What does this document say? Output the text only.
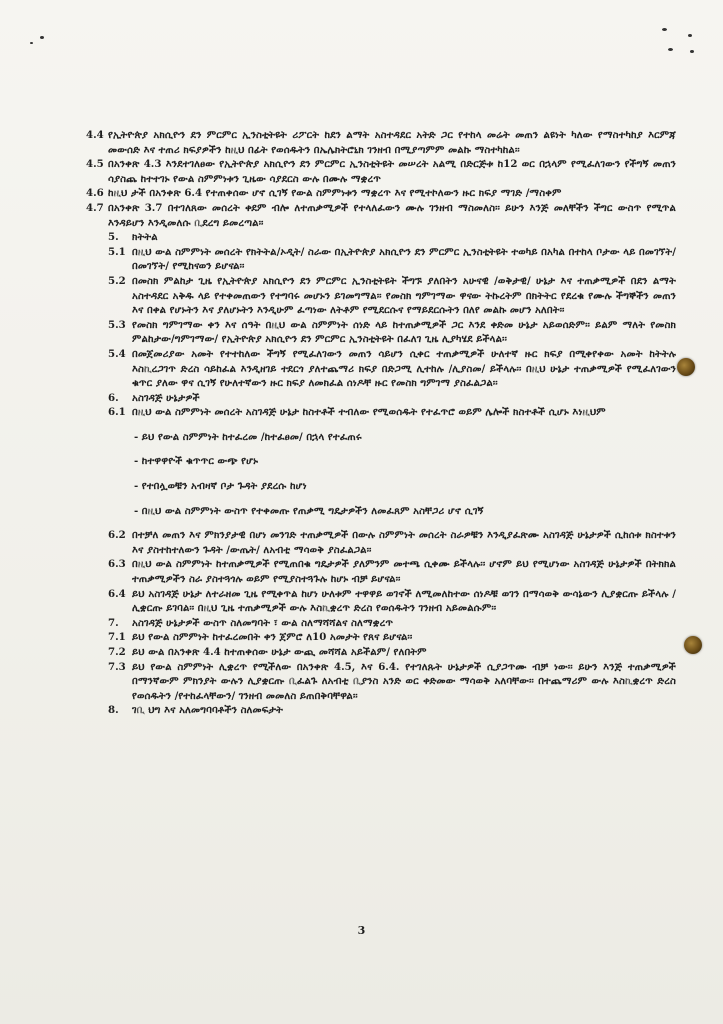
4.4 የኢትዮጵያ አክሲዮን ደን ምርምር ኢንስቲትዩት ሪፖርት ከደን ልማት አስተዳደር አትድ ጋር የተከላ መሬት መጠን ልዩነት ካለው የማስተካከያ እርምጃ መውሰድ እና ተጠሪ ክፍያዎችን ከዚህ በፊት የወሰዱትን በኤሌክትሮኒክ ገንዘብ በሚያጣምም መልኩ ማስተካከል፡፡
4.5 በአንቀጽ 4.3 እንደተገለፀው የኢትዮጵያ አክሲዮን ደን ምርምር ኢንስቲትዩት መሠረት አልሚ በድርጅቱ ከ12 ወር በኋላም የሚፈለገውን የችግኝ መጠን ሳያስጨ ከተተገኑ የውል ስምምነቱን ጊዜው ሳያደርስ ውሉ በሙሉ ማቋረጥ
4.6 ከዚህ ታች በአንቀጽ 6.4 የተጠቀሰው ሆኖ ሲገኝ የውል ስምምነቱን ማቋረጥ እና የሚተኮለውን ዙር ክፍያ ማገድ /ማስቀም
4.7 በአንቀጽ 3.7 በተገለጸው መሰረት ቀደም ብሎ ለተጠቃሚዎች የተላለፈውን ሙሉ ገንዘብ ማስመለስ፡፡ ይሁን እንጅ መለቸችን ችግር ውስጥ የሚጥል እንዳይሆን እንዲመለሱ ቢደረግ ይመረጣል፡፡
5. ክትትል
5.1 በዚህ ውል ስምምነት መሰረት የክትትል/ኦዲት/ ስራው በኢትዮጵያ አክሲዮን ደን ምርምር ኢንስቲትዩት ተወካይ በአካል በተከላ ቦታው ላይ በመገኘት/በመገኘት/ የሚከናወን ይሆናል፡፡
5.2 በመስክ ምልከታ ጊዜ የኢትዮጵያ አክሲዮን ደን ምርምር ኢንስቲትዩት ችግኙ ያለበትን አሁናዊ /ወቅታዊ/ ሁኔታ እና ተጠቃሚዎች በደን ልማት አስተዳደር አቅዱ ላይ የተቀመጠውን የተግባሩ መሆኑን ይገመግማል፡፡ የመስክ ግምገማው ዋናው ትኩረትም በክትትር የደረቁ የሙሉ ችግኞችን መጠን እና በቀል የሆኑትን እና ያለሆኑትን እንዲሁም ፈጣነው ለትቶም የሚደርሱና የማይደርሱትን በለየ መልኩ መሆን አለበት፡፡
5.3 የመስክ ግምገማው ቀን እና ሰዓት በዚህ ውል ስምምነት ሰነድ ላይ ከተጠቃሚዎች ጋር እንደ ቀድመ ሁኔታ አይወሰድም፡፡ ይልም ማለት የመስክ ምልከታው/ግምገማው/ የኢትዮጵያ አክሲዮን ደን ምርምር ኢንስቲትዩት በፈለገ ጊዜ ሊያካሄደ ይችላል፡፡
5.4 በመጀመሪያው አመት የተተከለው ችግኝ የሚፈለገውን መጠን ሳይሆን ሲቀር ተጠቃሚዎች ሁለተኛ ዙር ክፍያ በሚቀየቀው አመት ከትትሉ እስኪረጋገጥ ድረስ ሳይከፈል እንዲዘገይ ተደርጎ ያለተጨማሪ ክፍያ በድጋሚ ሊተከሉ /ሊያስመ/ ይችላሉ፡፡ በዚህ ሁኔታ ተጠቃሚዎች የሚፈለገውን ቁጥር ያለው ዋና ሲገኝ የሁለተኛውን ዙር ክፍያ ለመክፈል ሰነዶቸ ዙር የመስክ ግምገማ ያስፈልጋል፡፡
6. አስገዳጅ ሁኔታዎች
6.1 በዚህ ውል ስምምነት መሰረት አስገዳጅ ሁኔታ ከስተቶች ተብለው የሚወሰዱት የተፈጥሮ ወይም ሌሎች ክስተቶች ሲሆኑ እነዚህም
- ይህ የውል ስምምነት ከተፈረመ /ከተፈፀመ/ በኋላ የተፈጠሩ
- ከተዋዋዮች ቁጥጥር ውጭ የሆኑ
- የተበሏወቹን አብዛኛ ቦታ ጉዳት ያደረሱ ከሆነ
- በዚህ ውል ስምምነት ውስጥ የተቀመጡ የጠቃሚ ግዴታዎችን ለመፈጸም አስቸጋሪ ሆኖ ሲገኝ
6.2 በተቻለ መጠን እና ምክንያታዊ በሆነ መንገድ ተጠቃሚዎች በውሉ ስምምነት መሰረት ስራዎቹን እንዲያፈጽሙ አስገዳጅ ሁኔታዎች ሲከሰቱ ክስተቱን እና ያስተከተለውን ጉዳት /ውጤት/ ለአብቲ ማሳወቅ ያስፈልጋል፡፡
6.3 በዚህ ውል ስምምነት ከተጠቃሚዎች የሚጠበቁ ግዴታዎች ያለምንም መተጫ ሲቀሙ ይችላሉ፡፡ ሆኖም ይህ የሚሆነው አስገዳጅ ሁኔታዎች በትክክል ተጠቃሚዎችን ስራ ያስተጓጎሉ ወይም የሚያስተጓጉሉ ከሆኑ ብቻ ይሆናል፡፡
6.4 ይህ አስገዳጅ ሁኔታ ለተራዘመ ጊዜ የሚቀጥል ከሆነ ሁለቱም ተዋዋይ ወገኖች ለሚመለከተው ሰነዶቹ ወገን በማሳወቅ ውሳኔውን ሊያቋርጡ ይችላሉ /ሊቋርጡ ይገባል፡፡ በዚህ ጊዜ ተጠቃሚዎች ውሉ እስኪቋረጥ ድረስ የወሰዱትን ገንዘብ አይመልሱም፡፡
7. አስገዳጅ ሁኔታዎች ውስጥ ስለመግባት ፣ ውል ስለማሻሻልና ስለማቋረጥ
7.1 ይህ የውል ስምምነት ከተፈረመበት ቀን ጀምሮ ለ10 አመታት የጸና ይሆናል፡፡
7.2 ይህ ውል በአንቀጽ 4.4 ከተጠቀሰው ሁኔታ ውጪ መሻሻል አይችልም/ የለበትም
7.3 ይህ የውል ስምምነት ሊቋረጥ የሚችለው በአንቀጽ 4.5, እና 6.4. የተገለጹት ሁኔታዎች ሲያጋጥሙ ብቻ ነው፡፡ ይሁን እንጅ ተጠቃሚዎች በማንኛውም ምክንያት ውሉን ሊያቋርጡ ቢፈልጉ ለአብቲ ቢያንስ አንድ ወር ቀድመው ማሳወቅ አለባቸው፡፡ በተጨማሪም ውሉ እስኪቋረጥ ድረስ የወሰዱትን /የተከፈላቸውን/ ገንዘብ መመለስ ይጠበቅባቸዋል፡፡
8. ገቢ ህግ እና አለመግባባቶችን ስለመፍታት
3
